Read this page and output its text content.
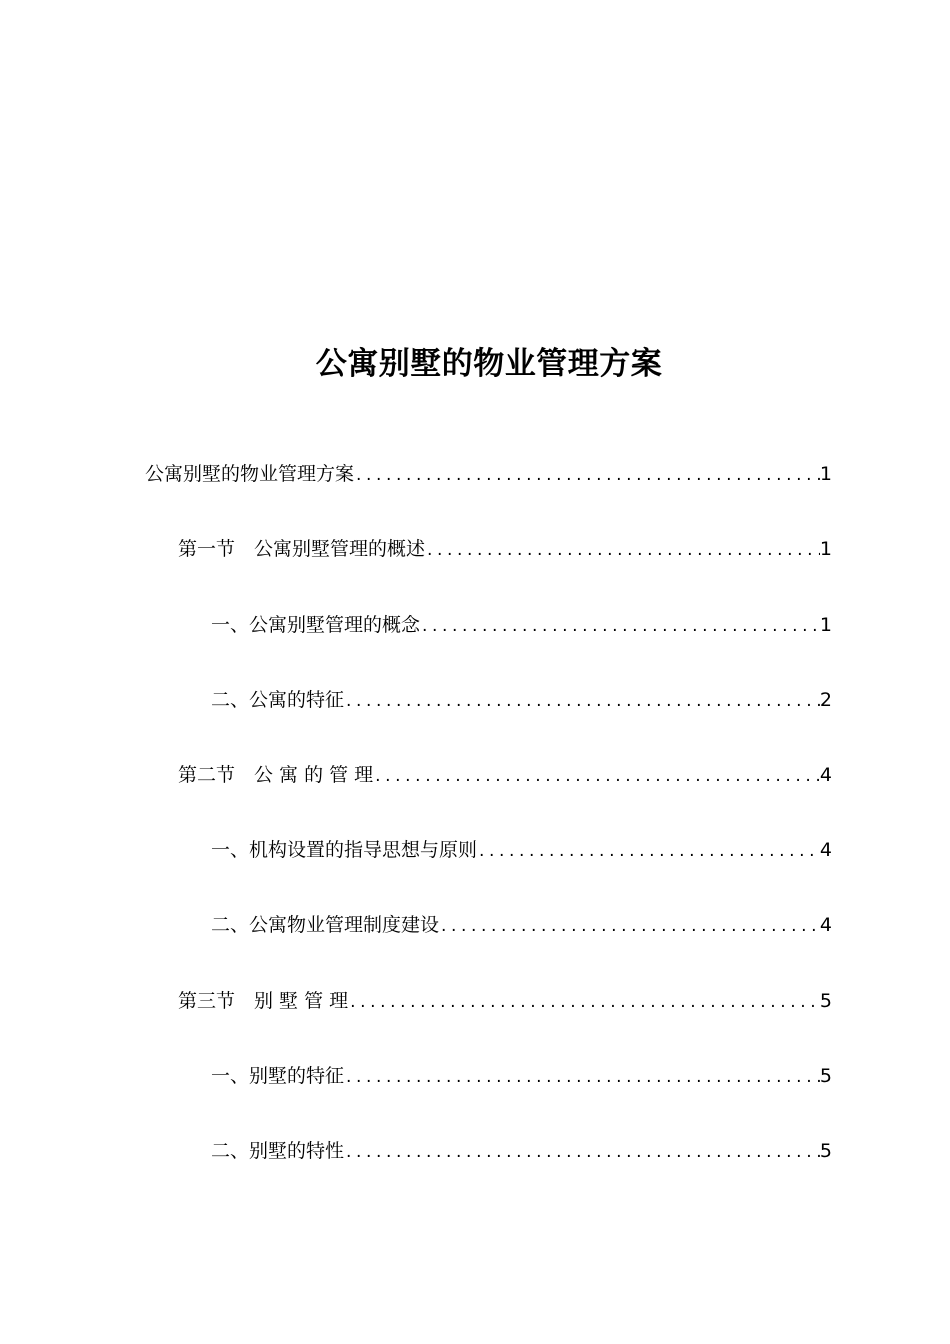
公寓别墅的物业管理方案
公寓别墅的物业管理方案 .....	1
第一节　公寓别墅管理的概述 .....	1
一、公寓别墅管理的概念 .....	1
二、公寓的特征 .....	2
第二节　公 寓 的 管 理 .....	4
一、机构设置的指导思想与原则 .....	4
二、公寓物业管理制度建设 .....	4
第三节　别 墅 管 理 .....	5
一、别墅的特征 .....	5
二、别墅的特性 .....	5
